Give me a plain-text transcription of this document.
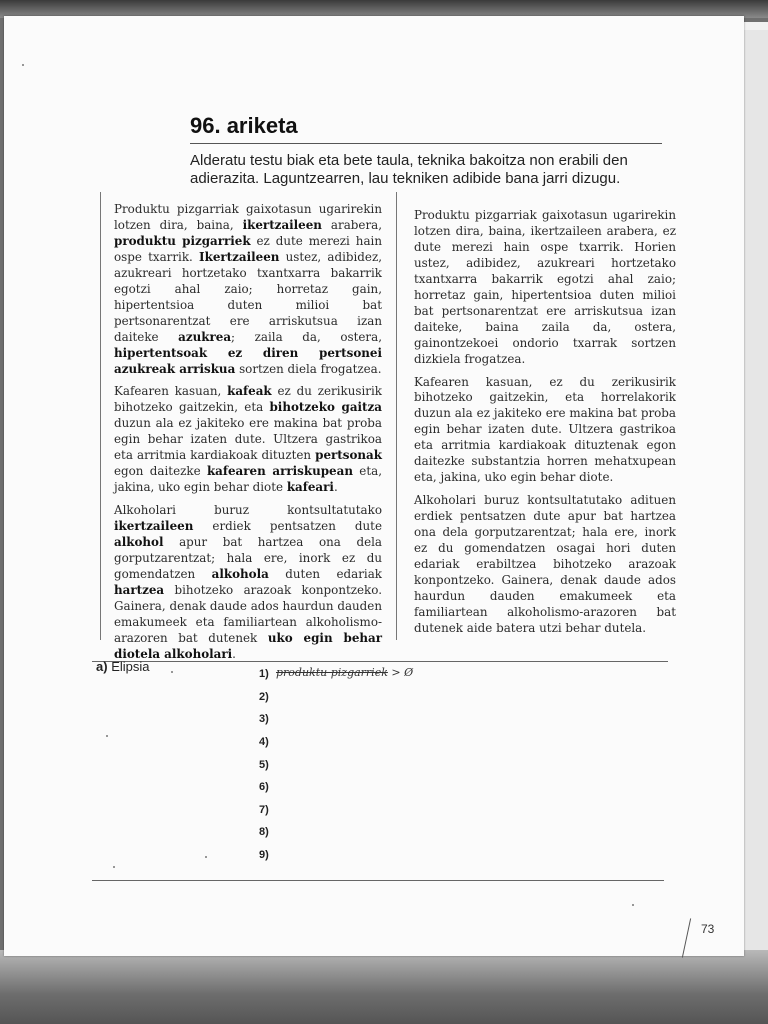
96. ariketa

Alderatu testu biak eta bete taula, teknika bakoitza non erabili den adierazita. Laguntzearren, lau tekniken adibide bana jarri dizugu.

Produktu pizgarriak gaixotasun ugarirekin lotzen dira, baina, ikertzaileen arabera, produktu pizgarriek ez dute merezi hain ospe txarrik. Ikertzaileen ustez, adibidez, azukreari hortzetako txantxarra bakarrik egotzi ahal zaio; horretaz gain, hipertentsioa duten milioi bat pertsonarentzat ere arriskutsua izan daiteke azukrea; zaila da, ostera, hipertentsoak ez diren pertsonei azukreak arriskua sortzen diela frogatzea.

Kafearen kasuan, kafeak ez du zerikusirik bihotzeko gaitzekin, eta bihotzeko gaitza duzun ala ez jakiteko ere makina bat proba egin behar izaten dute. Ultzera gastrikoa eta arritmia kardiakoak dituzten pertsonak egon daitezke kafearen arriskupean eta, jakina, uko egin behar diote kafeari.

Alkoholari buruz kontsultatutako ikertzaileen erdiek pentsatzen dute alkohol apur bat hartzea ona dela gorputzarentzat; hala ere, inork ez du gomendatzen alkohola duten edariak hartzea bihotzeko arazoak konpontzeko. Gainera, denak daude ados haurdun dauden emakumeek eta familiartean alkoholismo-arazoren bat dutenek uko egin behar diotela alkoholari.

Produktu pizgarriak gaixotasun ugarirekin lotzen dira, baina, ikertzaileen arabera, ez dute merezi hain ospe txarrik. Horien ustez, adibidez, azukreari hortzetako txantxarra bakarrik egotzi ahal zaio; horretaz gain, hipertentsioa duten milioi bat pertsonarentzat ere arriskutsua izan daiteke, baina zaila da, ostera, gainontzekoei ondorio txarrak sortzen dizkiela frogatzea.

Kafearen kasuan, ez du zerikusirik bihotzeko gaitzekin, eta horrelakorik duzun ala ez jakiteko ere makina bat proba egin behar izaten dute. Ultzera gastrikoa eta arritmia kardiakoak dituztenak egon daitezke substantzia horren mehatxupean eta, jakina, uko egin behar diote.

Alkoholari buruz kontsultatutako adituen erdiek pentsatzen dute apur bat hartzea ona dela gorputzarentzat; hala ere, inork ez du gomendatzen osagai hori duten edariak erabiltzea bihotzeko arazoak konpontzeko. Gainera, denak daude ados haurdun dauden emakumeek eta familiartean alkoholismo-arazoren bat dutenek aide batera utzi behar dutela.

a) Elipsia	1)
2)
3)
4)
5)
6)
7)
8)
9)
produktu pizgarriek > Ø
73
